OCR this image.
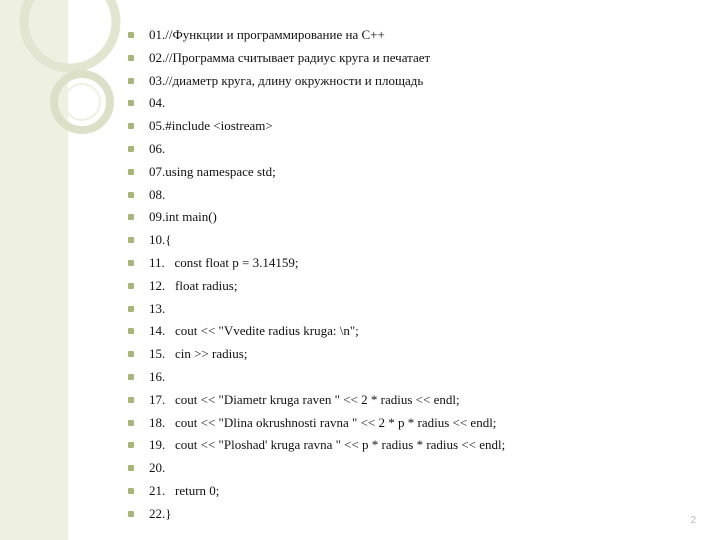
01.//Функции и программирование на С++
02.//Программа считывает радиус круга и печатает
03.//диаметр круга, длину окружности и площадь
04.
05.#include <iostream>
06.
07.using namespace std;
08.
09.int main()
10.{
11.   const float p = 3.14159;
12.   float radius;
13.
14.   cout << "Vvedite radius kruga: \n";
15.   cin >> radius;
16.
17.   cout << "Diametr kruga raven " << 2 * radius << endl;
18.   cout << "Dlina okrushnosti ravna " << 2 * p * radius << endl;
19.   cout << "Ploshad' kruga ravna " << p * radius * radius << endl;
20.
21.   return 0;
22.}	2
